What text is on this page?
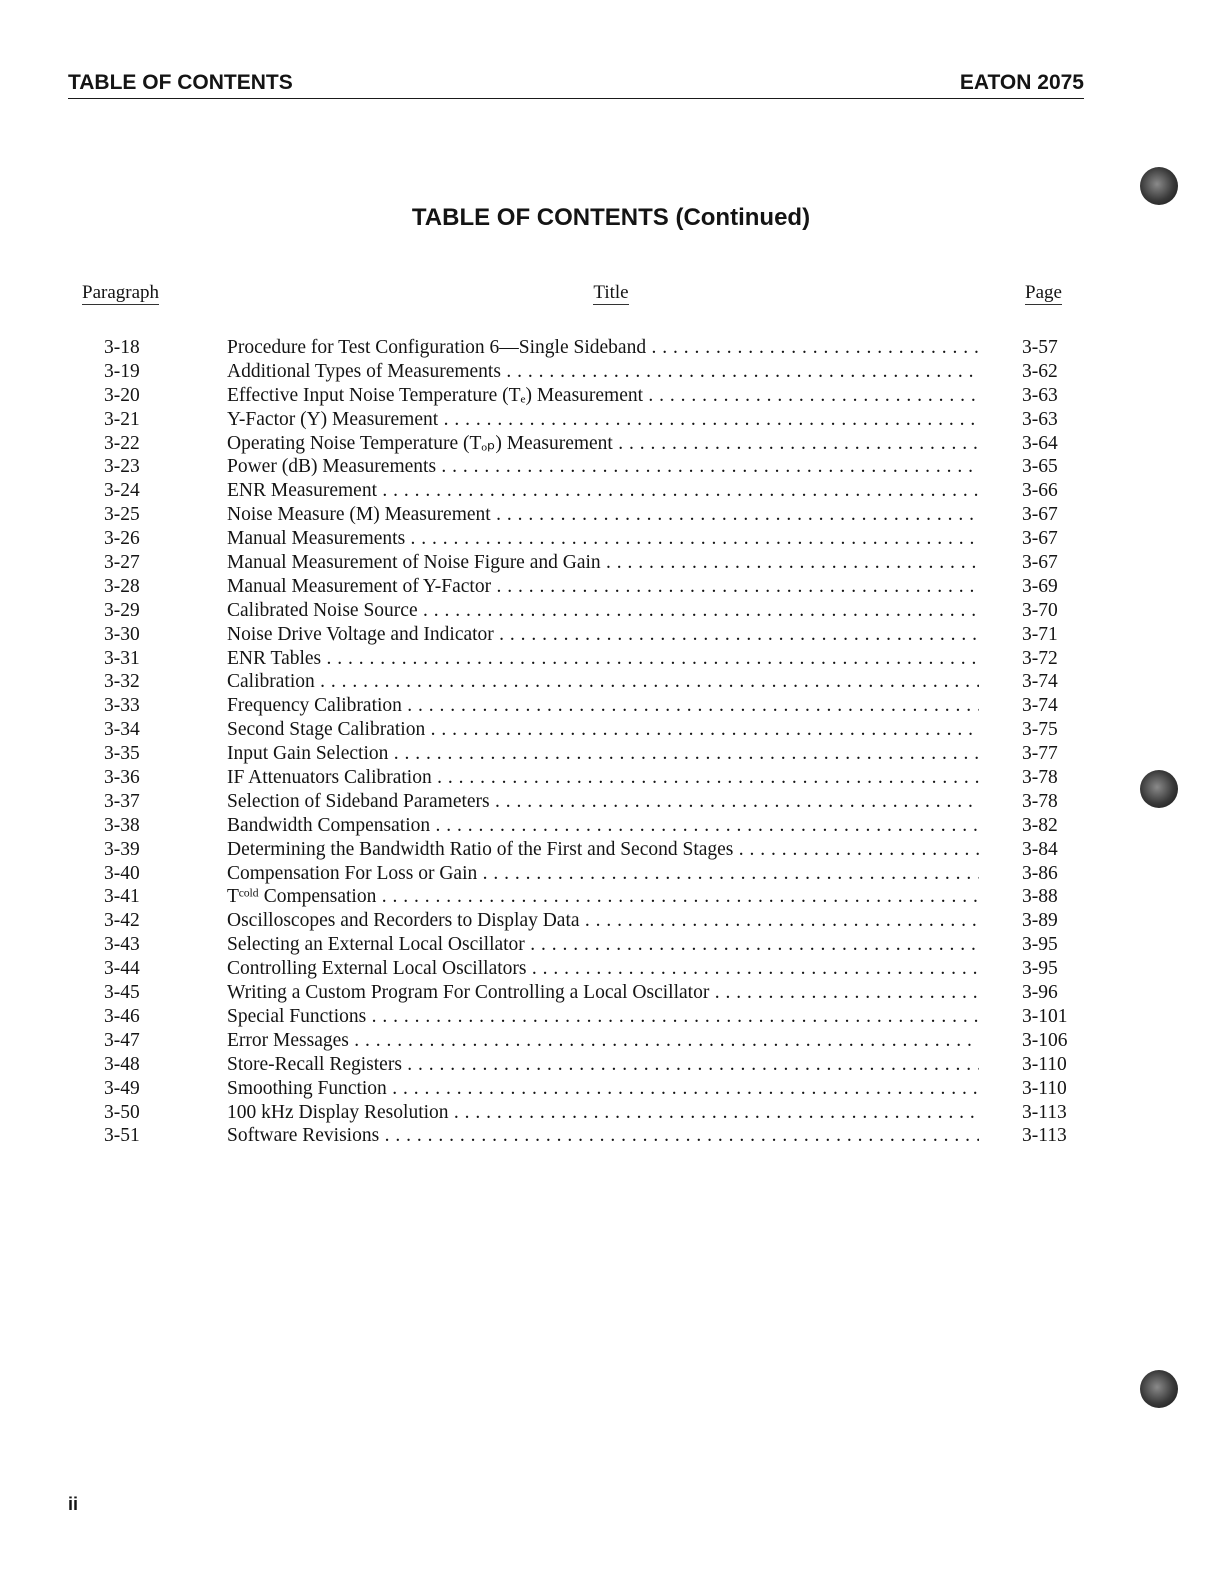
TABLE OF CONTENTS	EATON 2075
TABLE OF CONTENTS (Continued)
Paragraph	Title	Page
3-18	Procedure for Test Configuration 6—Single Sideband . . .	3-57
3-19	Additional Types of Measurements . . .	3-62
3-20	Effective Input Noise Temperature (Tₑ) Measurement . . .	3-63
3-21	Y-Factor (Y) Measurement . . .	3-63
3-22	Operating Noise Temperature (Tₒₚ) Measurement . . .	3-64
3-23	Power (dB) Measurements . . .	3-65
3-24	ENR Measurement . . .	3-66
3-25	Noise Measure (M) Measurement . . .	3-67
3-26	Manual Measurements . . .	3-67
3-27	Manual Measurement of Noise Figure and Gain . . .	3-67
3-28	Manual Measurement of Y-Factor . . .	3-69
3-29	Calibrated Noise Source . . .	3-70
3-30	Noise Drive Voltage and Indicator . . .	3-71
3-31	ENR Tables . . .	3-72
3-32	Calibration . . .	3-74
3-33	Frequency Calibration . . .	3-74
3-34	Second Stage Calibration . . .	3-75
3-35	Input Gain Selection . . .	3-77
3-36	IF Attenuators Calibration . . .	3-78
3-37	Selection of Sideband Parameters . . .	3-78
3-38	Bandwidth Compensation . . .	3-82
3-39	Determining the Bandwidth Ratio of the First and Second Stages . . .	3-84
3-40	Compensation For Loss or Gain . . .	3-86
3-41	Tᶜᵒˡᵈ Compensation . . .	3-88
3-42	Oscilloscopes and Recorders to Display Data . . .	3-89
3-43	Selecting an External Local Oscillator . . .	3-95
3-44	Controlling External Local Oscillators . . .	3-95
3-45	Writing a Custom Program For Controlling a Local Oscillator . . .	3-96
3-46	Special Functions . . .	3-101
3-47	Error Messages . . .	3-106
3-48	Store-Recall Registers . . .	3-110
3-49	Smoothing Function . . .	3-110
3-50	100 kHz Display Resolution . . .	3-113
3-51	Software Revisions . . .	3-113
ii
